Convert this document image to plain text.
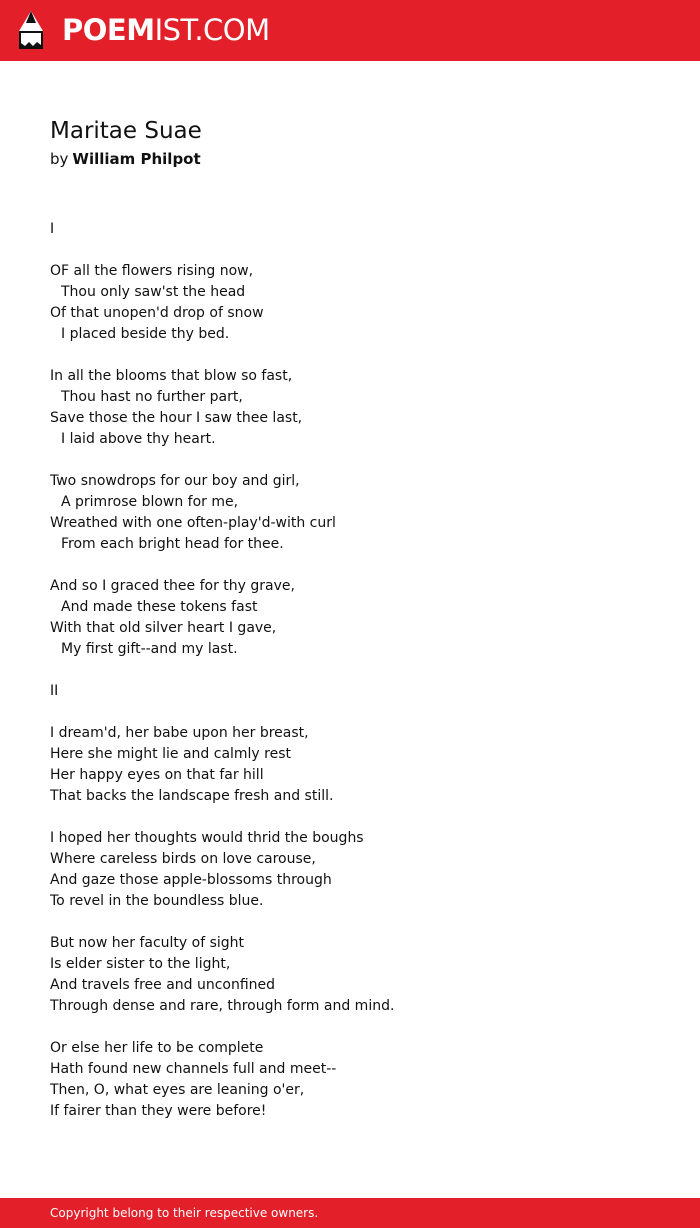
POEMIST.COM
Maritae Suae
by William Philpot
I
OF all the flowers rising now,
Thou only saw'st the head
Of that unopen'd drop of snow
I placed beside thy bed.
In all the blooms that blow so fast,
Thou hast no further part,
Save those the hour I saw thee last,
I laid above thy heart.
Two snowdrops for our boy and girl,
A primrose blown for me,
Wreathed with one often-play'd-with curl
From each bright head for thee.
And so I graced thee for thy grave,
And made these tokens fast
With that old silver heart I gave,
My first gift--and my last.
II
I dream'd, her babe upon her breast,
Here she might lie and calmly rest
Her happy eyes on that far hill
That backs the landscape fresh and still.
I hoped her thoughts would thrid the boughs
Where careless birds on love carouse,
And gaze those apple-blossoms through
To revel in the boundless blue.
But now her faculty of sight
Is elder sister to the light,
And travels free and unconfined
Through dense and rare, through form and mind.
Or else her life to be complete
Hath found new channels full and meet--
Then, O, what eyes are leaning o'er,
If fairer than they were before!
Copyright belong to their respective owners.
